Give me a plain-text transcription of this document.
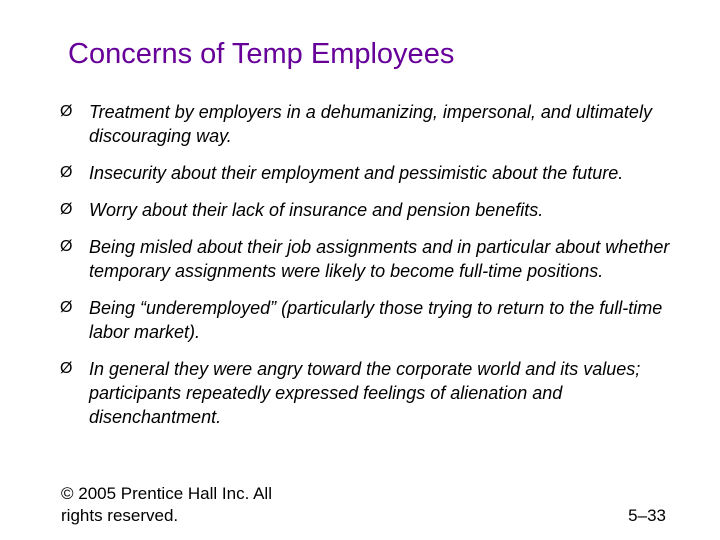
Concerns of Temp Employees
Ø Treatment by employers in a dehumanizing, impersonal, and ultimately discouraging way.
Ø Insecurity about their employment and pessimistic about the future.
Ø Worry about their lack of insurance and pension benefits.
Ø Being misled about their job assignments and in particular about whether temporary assignments were likely to become full-time positions.
Ø Being “underemployed” (particularly those trying to return to the full-time labor market).
Ø In general they were angry toward the corporate world and its values; participants repeatedly expressed feelings of alienation and disenchantment.
© 2005 Prentice Hall Inc. All rights reserved.	5–33
